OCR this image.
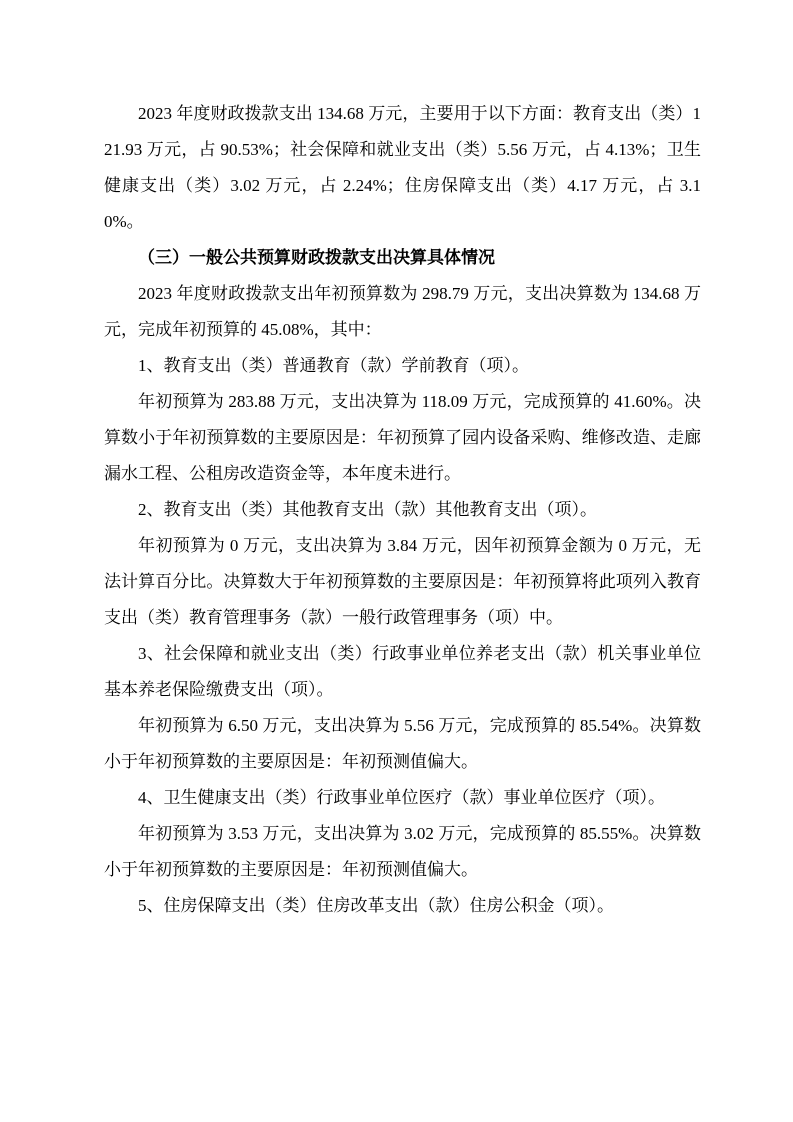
2023 年度财政拨款支出 134.68 万元，主要用于以下方面：教育支出（类）121.93 万元，占 90.53%；社会保障和就业支出（类）5.56 万元，占 4.13%；卫生健康支出（类）3.02 万元，占 2.24%；住房保障支出（类）4.17 万元，占 3.10%。

（三）一般公共预算财政拨款支出决算具体情况

2023 年度财政拨款支出年初预算数为 298.79 万元，支出决算数为 134.68 万元，完成年初预算的 45.08%，其中：

1、教育支出（类）普通教育（款）学前教育（项）。

年初预算为 283.88 万元，支出决算为 118.09 万元，完成预算的 41.60%。决算数小于年初预算数的主要原因是：年初预算了园内设备采购、维修改造、走廊漏水工程、公租房改造资金等，本年度未进行。

2、教育支出（类）其他教育支出（款）其他教育支出（项）。

年初预算为 0 万元，支出决算为 3.84 万元，因年初预算金额为 0 万元，无法计算百分比。决算数大于年初预算数的主要原因是：年初预算将此项列入教育支出（类）教育管理事务（款）一般行政管理事务（项）中。

3、社会保障和就业支出（类）行政事业单位养老支出（款）机关事业单位基本养老保险缴费支出（项）。

年初预算为 6.50 万元，支出决算为 5.56 万元，完成预算的 85.54%。决算数小于年初预算数的主要原因是：年初预测值偏大。

4、卫生健康支出（类）行政事业单位医疗（款）事业单位医疗（项）。

年初预算为 3.53 万元，支出决算为 3.02 万元，完成预算的 85.55%。决算数小于年初预算数的主要原因是：年初预测值偏大。

5、住房保障支出（类）住房改革支出（款）住房公积金（项）。
